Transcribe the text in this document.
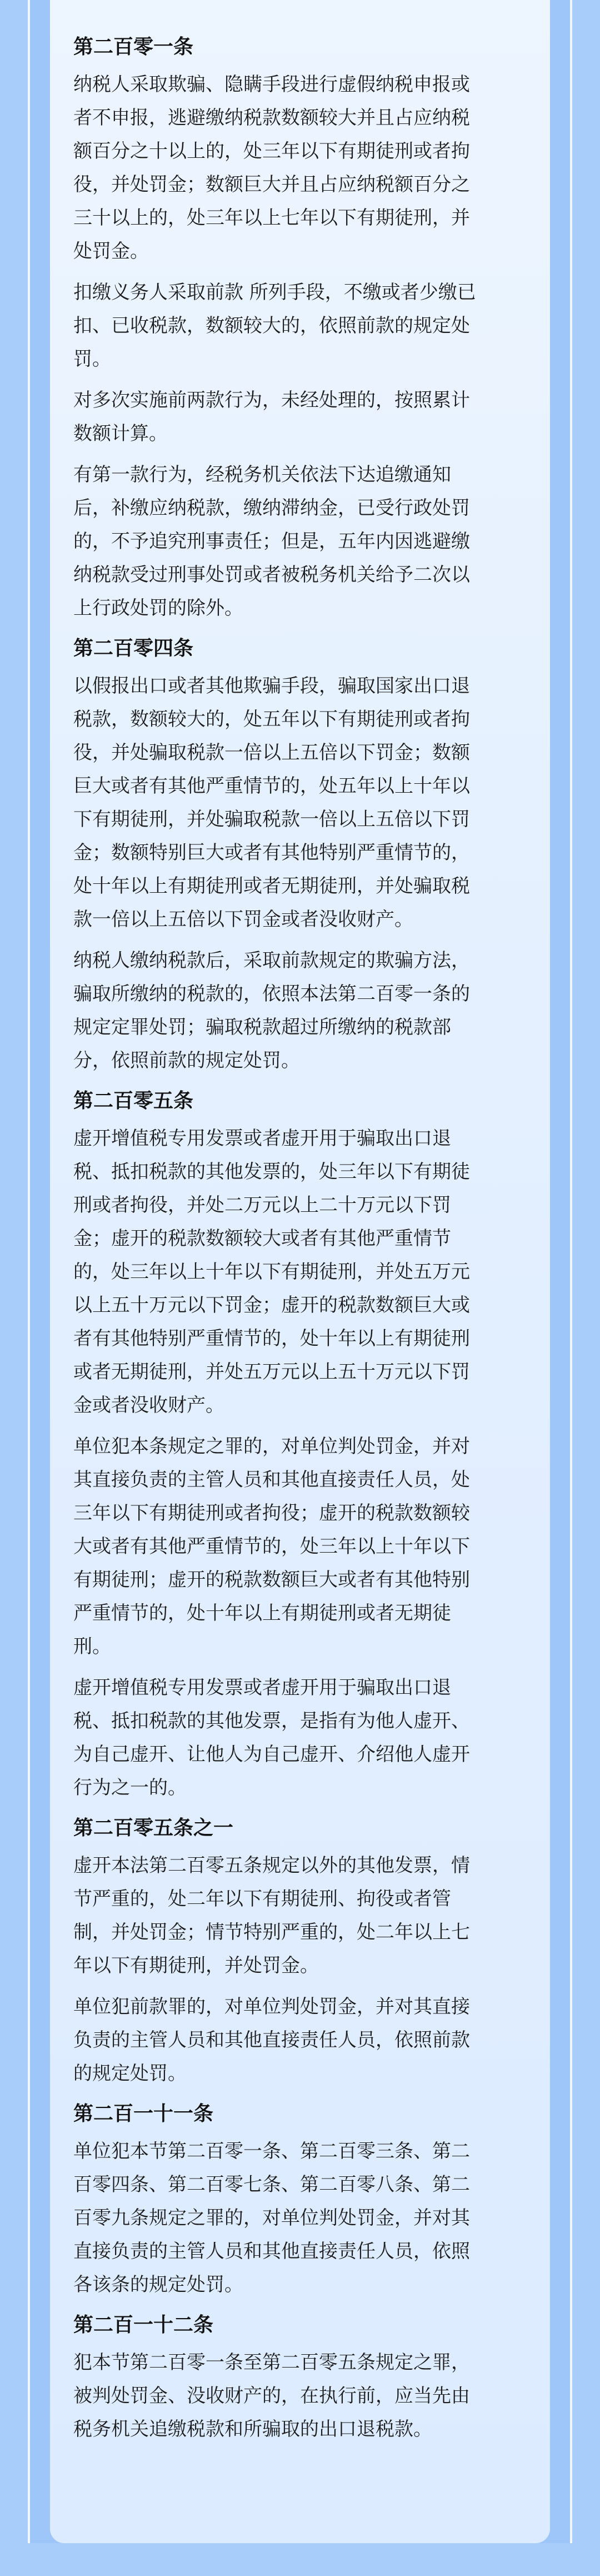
第二百零一条

纳税人采取欺骗、隐瞒手段进行虚假纳税申报或
者不申报，逃避缴纳税款数额较大并且占应纳税
额百分之十以上的，处三年以下有期徒刑或者拘
役，并处罚金；数额巨大并且占应纳税额百分之
三十以上的，处三年以上七年以下有期徒刑，并
处罚金。

扣缴义务人采取前款 所列手段，不缴或者少缴已
扣、已收税款，数额较大的，依照前款的规定处
罚。

对多次实施前两款行为，未经处理的，按照累计
数额计算。

有第一款行为，经税务机关依法下达追缴通知
后，补缴应纳税款，缴纳滞纳金，已受行政处罚
的，不予追究刑事责任；但是，五年内因逃避缴
纳税款受过刑事处罚或者被税务机关给予二次以
上行政处罚的除外。

第二百零四条

以假报出口或者其他欺骗手段，骗取国家出口退
税款，数额较大的，处五年以下有期徒刑或者拘
役，并处骗取税款一倍以上五倍以下罚金；数额
巨大或者有其他严重情节的，处五年以上十年以
下有期徒刑，并处骗取税款一倍以上五倍以下罚
金；数额特别巨大或者有其他特别严重情节的，
处十年以上有期徒刑或者无期徒刑，并处骗取税
款一倍以上五倍以下罚金或者没收财产。

纳税人缴纳税款后，采取前款规定的欺骗方法，
骗取所缴纳的税款的，依照本法第二百零一条的
规定定罪处罚；骗取税款超过所缴纳的税款部
分，依照前款的规定处罚。

第二百零五条

虚开增值税专用发票或者虚开用于骗取出口退
税、抵扣税款的其他发票的，处三年以下有期徒
刑或者拘役，并处二万元以上二十万元以下罚
金；虚开的税款数额较大或者有其他严重情节
的，处三年以上十年以下有期徒刑，并处五万元
以上五十万元以下罚金；虚开的税款数额巨大或
者有其他特别严重情节的，处十年以上有期徒刑
或者无期徒刑，并处五万元以上五十万元以下罚
金或者没收财产。

单位犯本条规定之罪的，对单位判处罚金，并对
其直接负责的主管人员和其他直接责任人员，处
三年以下有期徒刑或者拘役；虚开的税款数额较
大或者有其他严重情节的，处三年以上十年以下
有期徒刑；虚开的税款数额巨大或者有其他特别
严重情节的，处十年以上有期徒刑或者无期徒
刑。

虚开增值税专用发票或者虚开用于骗取出口退
税、抵扣税款的其他发票，是指有为他人虚开、
为自己虚开、让他人为自己虚开、介绍他人虚开
行为之一的。

第二百零五条之一

虚开本法第二百零五条规定以外的其他发票，情
节严重的，处二年以下有期徒刑、拘役或者管
制，并处罚金；情节特别严重的，处二年以上七
年以下有期徒刑，并处罚金。

单位犯前款罪的，对单位判处罚金，并对其直接
负责的主管人员和其他直接责任人员，依照前款
的规定处罚。

第二百一十一条

单位犯本节第二百零一条、第二百零三条、第二
百零四条、第二百零七条、第二百零八条、第二
百零九条规定之罪的，对单位判处罚金，并对其
直接负责的主管人员和其他直接责任人员，依照
各该条的规定处罚。

第二百一十二条

犯本节第二百零一条至第二百零五条规定之罪，
被判处罚金、没收财产的，在执行前，应当先由
税务机关追缴税款和所骗取的出口退税款。
